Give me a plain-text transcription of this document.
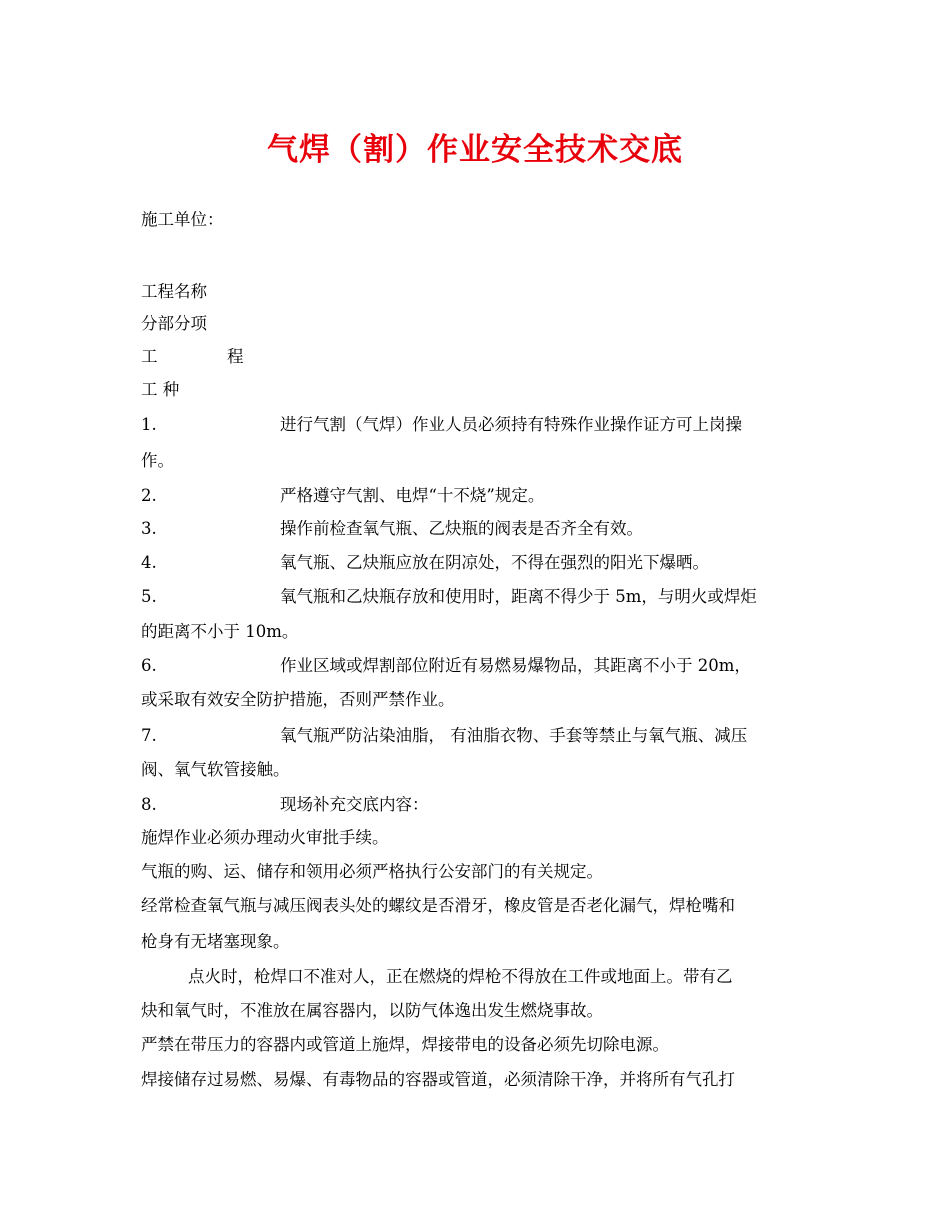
气焊（割）作业安全技术交底
施工单位：
工程名称
分部分项
工	程
工 种
1.	进行气割（气焊）作业人员必须持有特殊作业操作证方可上岗操
作。
2.	严格遵守气割、电焊“十不烧”规定。
3.	操作前检查氧气瓶、乙炔瓶的阀表是否齐全有效。
4.	氧气瓶、乙炔瓶应放在阴凉处，不得在强烈的阳光下爆晒。
5.	氧气瓶和乙炔瓶存放和使用时，距离不得少于 5m，与明火或焊炬
的距离不小于 10m。
6.	作业区域或焊割部位附近有易燃易爆物品，其距离不小于 20m，
或采取有效安全防护措施，否则严禁作业。
7.	氧气瓶严防沾染油脂， 有油脂衣物、手套等禁止与氧气瓶、减压
阀、氧气软管接触。
8.	现场补充交底内容：
施焊作业必须办理动火审批手续。
气瓶的购、运、储存和领用必须严格执行公安部门的有关规定。
经常检查氧气瓶与减压阀表头处的螺纹是否滑牙，橡皮管是否老化漏气，焊枪嘴和
枪身有无堵塞现象。
点火时，枪焊口不准对人，正在燃烧的焊枪不得放在工件或地面上。带有乙
炔和氧气时，不准放在属容器内，以防气体逸出发生燃烧事故。
严禁在带压力的容器内或管道上施焊，焊接带电的设备必须先切除电源。
焊接储存过易燃、易爆、有毒物品的容器或管道，必须清除干净，并将所有气孔打
